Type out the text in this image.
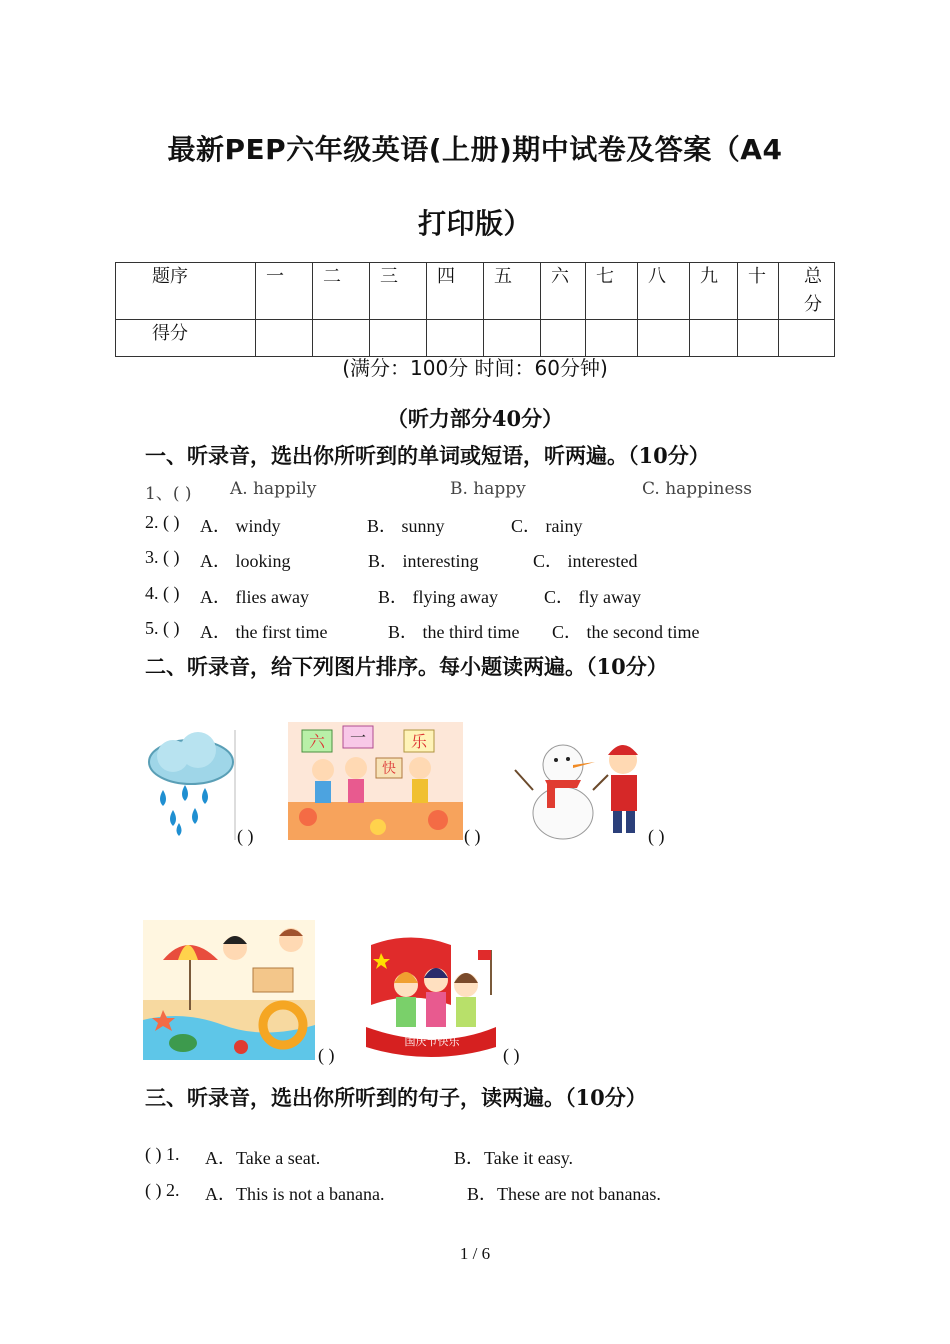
最新PEP六年级英语(上册)期中试卷及答案（A4
打印版）
题序	一	二	三	四	五	六	七	八	九	十	总分
得分											
(满分：100分 时间：60分钟)
（听力部分40分）
一、听录音，选出你所听到的单词或短语，听两遍。（10分）
1、( ) A. happily	B. happy	C. happiness
2. ( ) A． windy	B． sunny	C． rainy
3. ( ) A． looking	B． interesting	C． interested
4. ( ) A． flies away	B． flying away	C． fly away
5. ( ) A． the first time	B． the third time C． the second time
二、听录音，给下列图片排序。每小题读两遍。（10分）
( )
六 一
快
乐
( )	( )
( )
国庆节快乐
( )
三、听录音，选出你所听到的句子，读两遍。（10分）
( ) 1. A．Take a seat.	B．Take it easy.
( ) 2. A．This is not a banana.	B．These are not bananas.
1 / 6
